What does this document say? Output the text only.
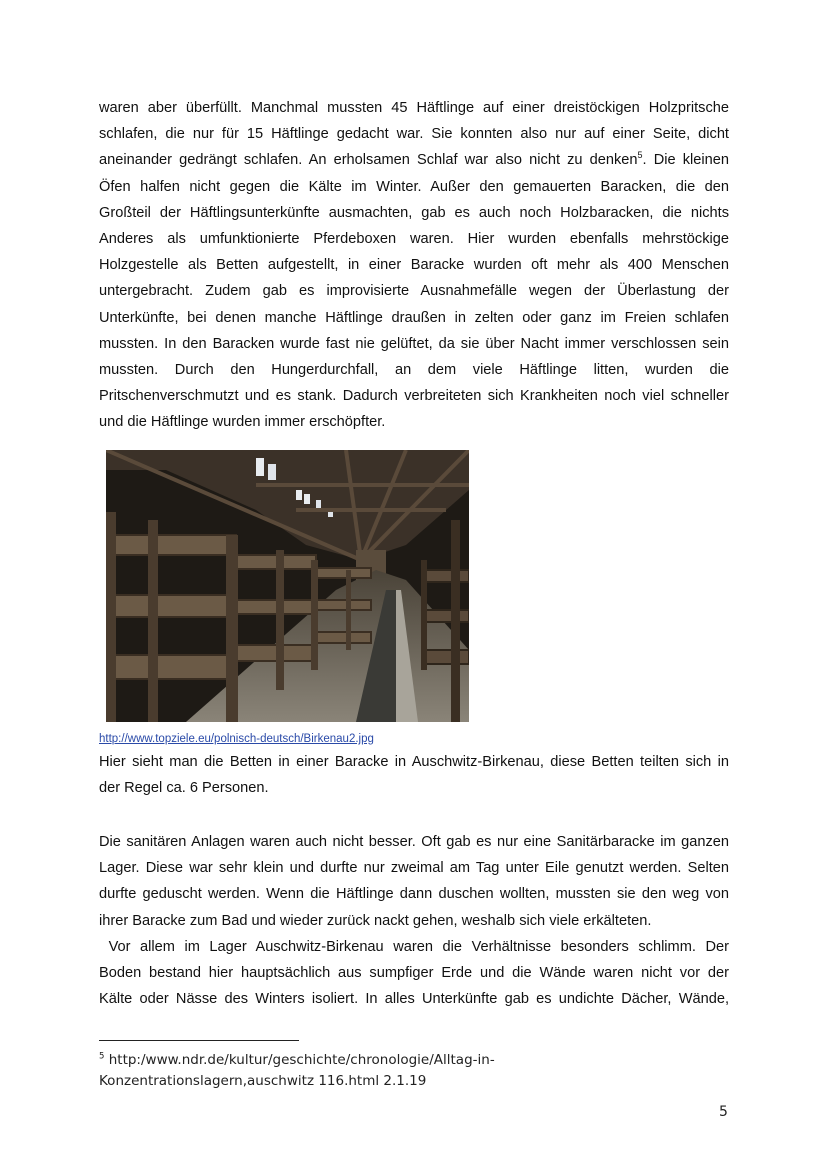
waren aber überfüllt. Manchmal mussten 45 Häftlinge auf einer dreistöckigen Holzpritsche
schlafen, die nur für 15 Häftlinge gedacht war. Sie konnten also nur auf einer Seite, dicht
aneinander gedrängt schlafen. An erholsamen Schlaf war also nicht zu denken$^5$. Die kleinen
Öfen halfen nicht gegen die Kälte im Winter. Außer den gemauerten Baracken, die den
Großteil der Häftlingsunterkünfte ausmachten, gab es auch noch Holzbaracken, die nichts
Anderes als umfunktionierte Pferdeboxen waren. Hier wurden ebenfalls mehrstöckige
Holzgestelle als Betten aufgestellt, in einer Baracke wurden oft mehr als 400 Menschen
untergebracht. Zudem gab es improvisierte Ausnahmefälle wegen der Überlastung der
Unterkünfte, bei denen manche Häftlinge draußen in zelten oder ganz im Freien schlafen
mussten. In den Baracken wurde fast nie gelüftet, da sie über Nacht immer verschlossen sein
mussten. Durch den Hungerdurchfall, an dem viele Häftlinge litten, wurden die
Pritschenverschmutzt und es stank. Dadurch verbreiteten sich Krankheiten noch viel schneller
und die Häftlinge wurden immer erschöpfter.

http://www.topziele.eu/polnisch-deutsch/Birkenau2.jpg

Hier sieht man die Betten in einer Baracke in Auschwitz-Birkenau, diese Betten teilten sich in
der Regel ca. 6 Personen.

Die sanitären Anlagen waren auch nicht besser. Oft gab es nur eine Sanitärbaracke im ganzen
Lager. Diese war sehr klein und durfte nur zweimal am Tag unter Eile genutzt werden. Selten
durfte geduscht werden. Wenn die Häftlinge dann duschen wollten, mussten sie den weg von
ihrer Baracke zum Bad und wieder zurück nackt gehen, weshalb sich viele erkälteten.

Vor allem im Lager Auschwitz-Birkenau waren die Verhältnisse besonders schlimm. Der
Boden bestand hier hauptsächlich aus sumpfiger Erde und die Wände waren nicht vor der
Kälte oder Nässe des Winters isoliert. In alles Unterkünfte gab es undichte Dächer, Wände,

$^5$ http:/www.ndr.de/kultur/geschichte/chronologie/Alltag-in-
Konzentrationslagern,auschwitz 116.html 2.1.19
5
